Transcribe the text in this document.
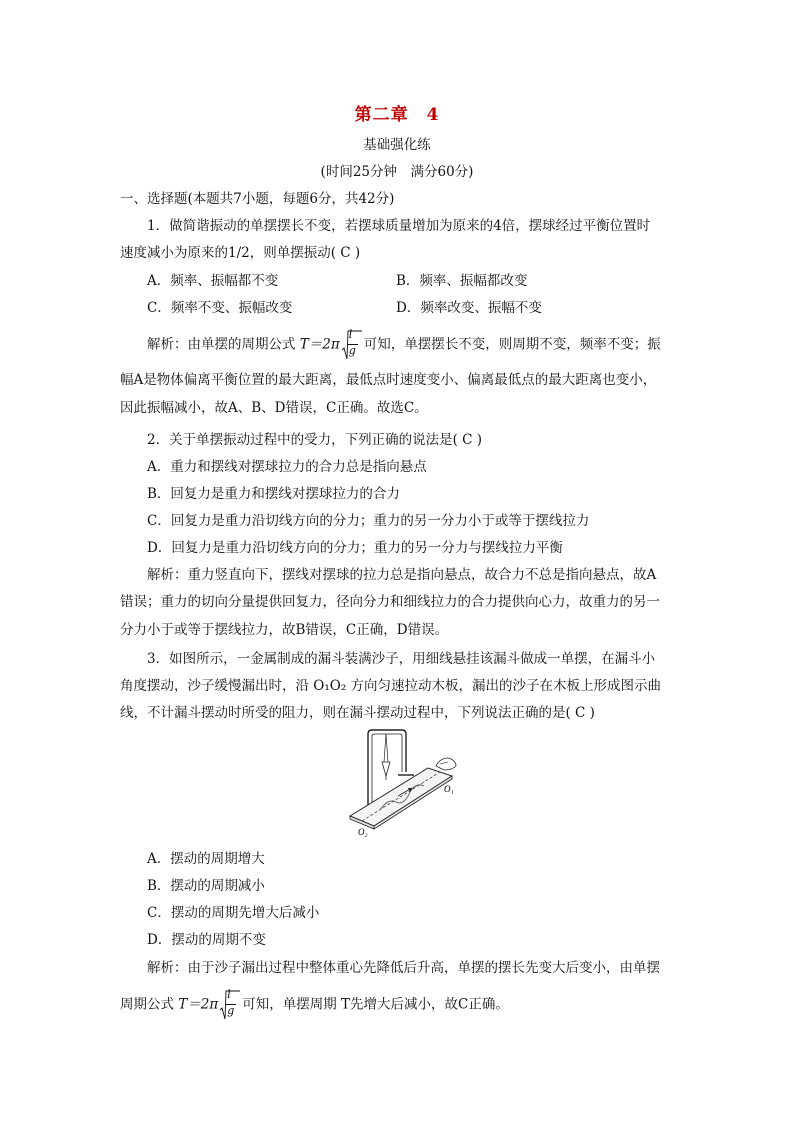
第二章　4
基础强化练
(时间25分钟　满分60分)
一、选择题(本题共7小题，每题6分，共42分)
1．做简谐振动的单摆摆长不变，若摆球质量增加为原来的4倍，摆球经过平衡位置时
速度减小为原来的1/2，则单摆振动( C )
A．频率、振幅都不变	B．频率、振幅都改变
C．频率不变、振幅改变	D．频率改变、振幅不变
解析：由单摆的周期公式 $T=2\pi \frac{l}{g}$ 可知，单摆摆长不变，则周期不变，频率不变；振
幅A是物体偏离平衡位置的最大距离，最低点时速度变小、偏离最低点的最大距离也变小，
因此振幅减小，故A、B、D错误，C正确。故选C。
2．关于单摆振动过程中的受力，下列正确的说法是( C )
A．重力和摆线对摆球拉力的合力总是指向悬点
B．回复力是重力和摆线对摆球拉力的合力
C．回复力是重力沿切线方向的分力；重力的另一分力小于或等于摆线拉力
D．回复力是重力沿切线方向的分力；重力的另一分力与摆线拉力平衡
解析：重力竖直向下，摆线对摆球的拉力总是指向悬点，故合力不总是指向悬点，故A
错误；重力的切向分量提供回复力，径向分力和细线拉力的合力提供向心力，故重力的另一
分力小于或等于摆线拉力，故B错误，C正确，D错误。
3．如图所示，一金属制成的漏斗装满沙子，用细线悬挂该漏斗做成一单摆，在漏斗小
角度摆动，沙子缓慢漏出时，沿 O₁O₂ 方向匀速拉动木板，漏出的沙子在木板上形成图示曲
线，不计漏斗摆动时所受的阻力，则在漏斗摆动过程中，下列说法正确的是( C )
O₁
O₂
A．摆动的周期增大
B．摆动的周期减小
C．摆动的周期先增大后减小
D．摆动的周期不变
解析：由于沙子漏出过程中整体重心先降低后升高，单摆的摆长先变大后变小，由单摆
周期公式 $T=2\pi \frac{l}{g}$ 可知，单摆周期 T先增大后减小，故C正确。
